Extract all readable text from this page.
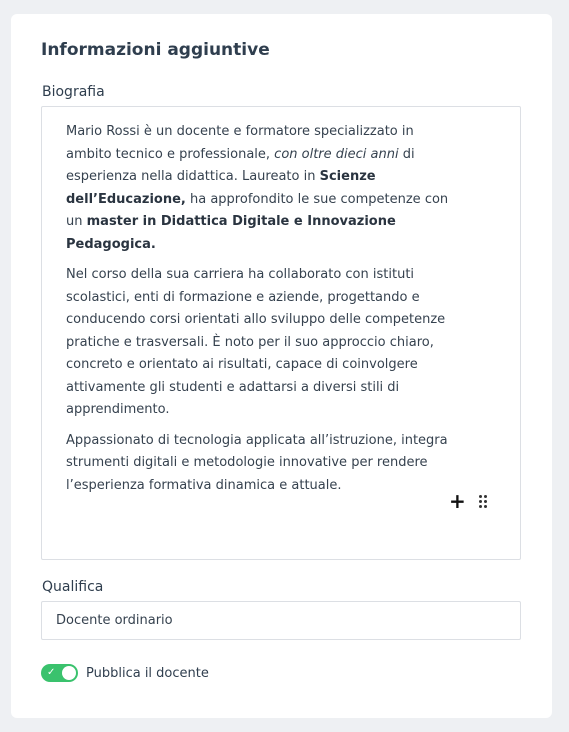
Informazioni aggiuntive
Biografia

Mario Rossi è un docente e formatore specializzato in ambito tecnico e professionale, con oltre dieci anni di esperienza nella didattica. Laureato in Scienze dell’Educazione, ha approfondito le sue competenze con un master in Didattica Digitale e Innovazione Pedagogica.

Nel corso della sua carriera ha collaborato con istituti scolastici, enti di formazione e aziende, progettando e conducendo corsi orientati allo sviluppo delle competenze pratiche e trasversali. È noto per il suo approccio chiaro, concreto e orientato ai risultati, capace di coinvolgere attivamente gli studenti e adattarsi a diversi stili di apprendimento.

Appassionato di tecnologia applicata all’istruzione, integra strumenti digitali e metodologie innovative per rendere l’esperienza formativa dinamica e attuale.

+
Qualifica
Docente ordinario
✓ Pubblica il docente
